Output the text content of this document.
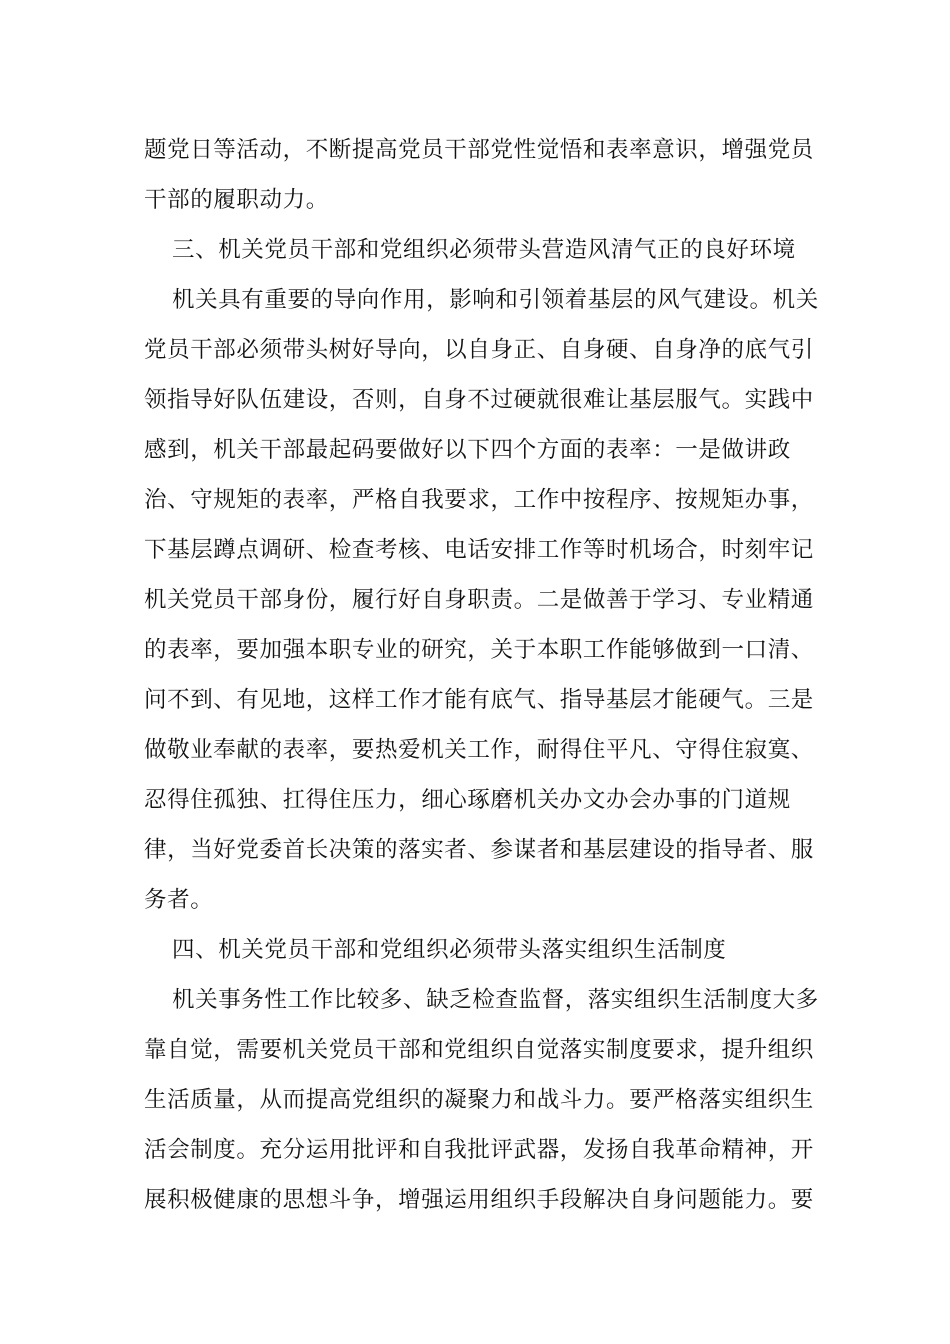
题党日等活动，不断提高党员干部党性觉悟和表率意识，增强党员
干部的履职动力。
三、机关党员干部和党组织必须带头营造风清气正的良好环境
机关具有重要的导向作用，影响和引领着基层的风气建设。机关
党员干部必须带头树好导向，以自身正、自身硬、自身净的底气引
领指导好队伍建设，否则，自身不过硬就很难让基层服气。实践中
感到，机关干部最起码要做好以下四个方面的表率：一是做讲政
治、守规矩的表率，严格自我要求，工作中按程序、按规矩办事，
下基层蹲点调研、检查考核、电话安排工作等时机场合，时刻牢记
机关党员干部身份，履行好自身职责。二是做善于学习、专业精通
的表率，要加强本职专业的研究，关于本职工作能够做到一口清、
问不到、有见地，这样工作才能有底气、指导基层才能硬气。三是
做敬业奉献的表率，要热爱机关工作，耐得住平凡、守得住寂寞、
忍得住孤独、扛得住压力，细心琢磨机关办文办会办事的门道规
律，当好党委首长决策的落实者、参谋者和基层建设的指导者、服
务者。
四、机关党员干部和党组织必须带头落实组织生活制度
机关事务性工作比较多、缺乏检查监督，落实组织生活制度大多
靠自觉，需要机关党员干部和党组织自觉落实制度要求，提升组织
生活质量，从而提高党组织的凝聚力和战斗力。要严格落实组织生
活会制度。充分运用批评和自我批评武器，发扬自我革命精神，开
展积极健康的思想斗争，增强运用组织手段解决自身问题能力。要
